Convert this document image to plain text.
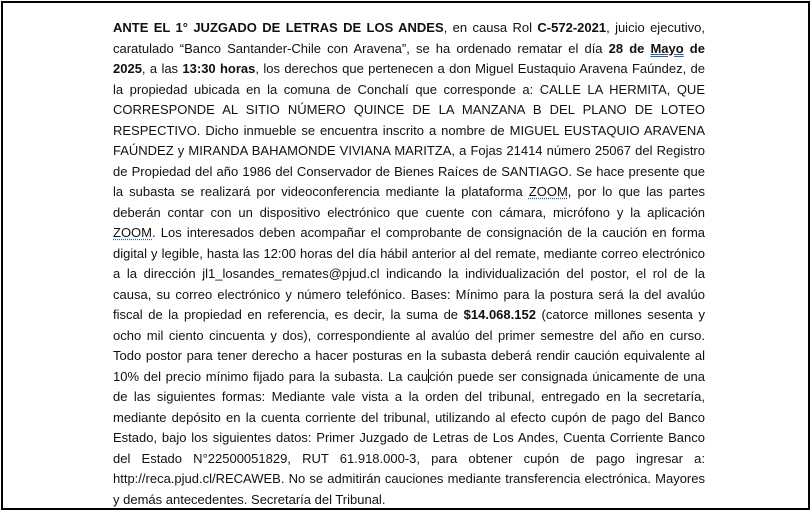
ANTE EL 1° JUZGADO DE LETRAS DE LOS ANDES, en causa Rol C-572-2021, juicio ejecutivo, caratulado “Banco Santander-Chile con Aravena”, se ha ordenado rematar el día 28 de Mayo de 2025, a las 13:30 horas, los derechos que pertenecen a don Miguel Eustaquio Aravena Faúndez, de la propiedad ubicada en la comuna de Conchalí que corresponde a: CALLE LA HERMITA, QUE CORRESPONDE AL SITIO NÚMERO QUINCE DE LA MANZANA B DEL PLANO DE LOTEO RESPECTIVO. Dicho inmueble se encuentra inscrito a nombre de MIGUEL EUSTAQUIO ARAVENA FAÚNDEZ y MIRANDA BAHAMONDE VIVIANA MARITZA, a Fojas 21414 número 25067 del Registro de Propiedad del año 1986 del Conservador de Bienes Raíces de SANTIAGO. Se hace presente que la subasta se realizará por videoconferencia mediante la plataforma ZOOM, por lo que las partes deberán contar con un dispositivo electrónico que cuente con cámara, micrófono y la aplicación ZOOM. Los interesados deben acompañar el comprobante de consignación de la caución en forma digital y legible, hasta las 12:00 horas del día hábil anterior al del remate, mediante correo electrónico a la dirección jl1_losandes_remates@pjud.cl indicando la individualización del postor, el rol de la causa, su correo electrónico y número telefónico. Bases: Mínimo para la postura será la del avalúo fiscal de la propiedad en referencia, es decir, la suma de $14.068.152 (catorce millones sesenta y ocho mil ciento cincuenta y dos), correspondiente al avalúo del primer semestre del año en curso. Todo postor para tener derecho a hacer posturas en la subasta deberá rendir caución equivalente al 10% del precio mínimo fijado para la subasta. La caución puede ser consignada únicamente de una de las siguientes formas: Mediante vale vista a la orden del tribunal, entregado en la secretaría, mediante depósito en la cuenta corriente del tribunal, utilizando al efecto cupón de pago del Banco Estado, bajo los siguientes datos: Primer Juzgado de Letras de Los Andes, Cuenta Corriente Banco del Estado N°22500051829, RUT 61.918.000-3, para obtener cupón de pago ingresar a: http://reca.pjud.cl/RECAWEB. No se admitirán cauciones mediante transferencia electrónica. Mayores y demás antecedentes. Secretaría del Tribunal.
